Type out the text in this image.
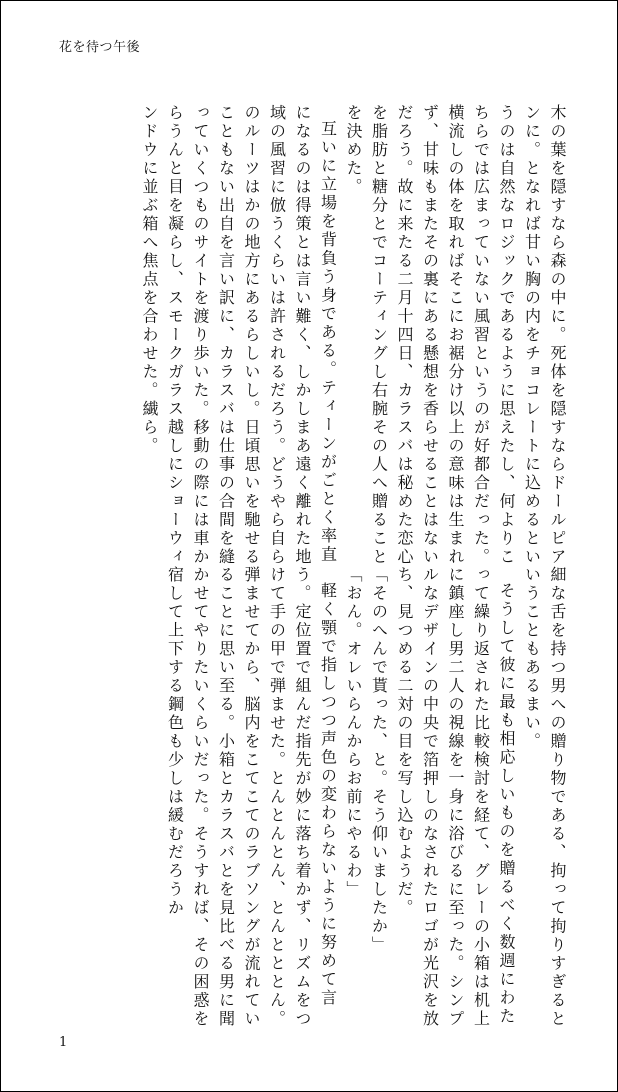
花を待つ午後

木の葉を隠すなら森の中に。死体を隠すならドールピアンに。となれば甘い胸の内をチョコレートに込めるというのは自然なロジックであるように思えたし、何よりこちらでは広まっていない風習というのが好都合だった。横流しの体を取ればそこにお裾分け以上の意味は生まれず、甘味もまたその裏にある懸想を香らせることはないだろう。故に来たる二月十四日、カラスバは秘めた恋心を脂肪と糖分とでコーティングし右腕その人へ贈ることを決めた。

互いに立場を背負う身である。ティーンがごとく率直になるのは得策とは言い難く、しかしまあ遠く離れた地域の風習に倣うくらいは許されるだろう。どうやら自らのルーツはかの地方にあるらしいし。日頃思いを馳せることもない出自を言い訳に、カラスバは仕事の合間を縫っていくつものサイトを渡り歩いた。移動の際には車からうんと目を凝らし、スモークガラス越しにショーウィンドウに並ぶ箱へ焦点を合わせた。繊ら。

細な舌を持つ男への贈り物である、拘って拘りすぎるということもあるまい。

そうして彼に最も相応しいものを贈るべく数週にわたって繰り返された比較検討を経て、グレーの小箱は机上に鎮座し男二人の視線を一身に浴びるに至った。シンプルなデザインの中央で箔押しのなされたロゴが光沢を放ち、見つめる二対の目を写し込むようだ。

「そのへんで貰った、と。そう仰いましたか」

「おん。オレいらんからお前にやるわ」

軽く顎で指しつつ声色の変わらないように努めて言う。定位置で組んだ指先が妙に落ち着かず、リズムをつけて手の甲で弾ませた。とんとんとん、とんとととん。弾ませてから、脳内をこてこてのラブソングが流れていることに思い至る。小箱とカラスバとを見比べる男に聞かせてやりたいくらいだった。そうすれば、その困惑を宿して上下する鋼色も少しは緩むだろうか

1
